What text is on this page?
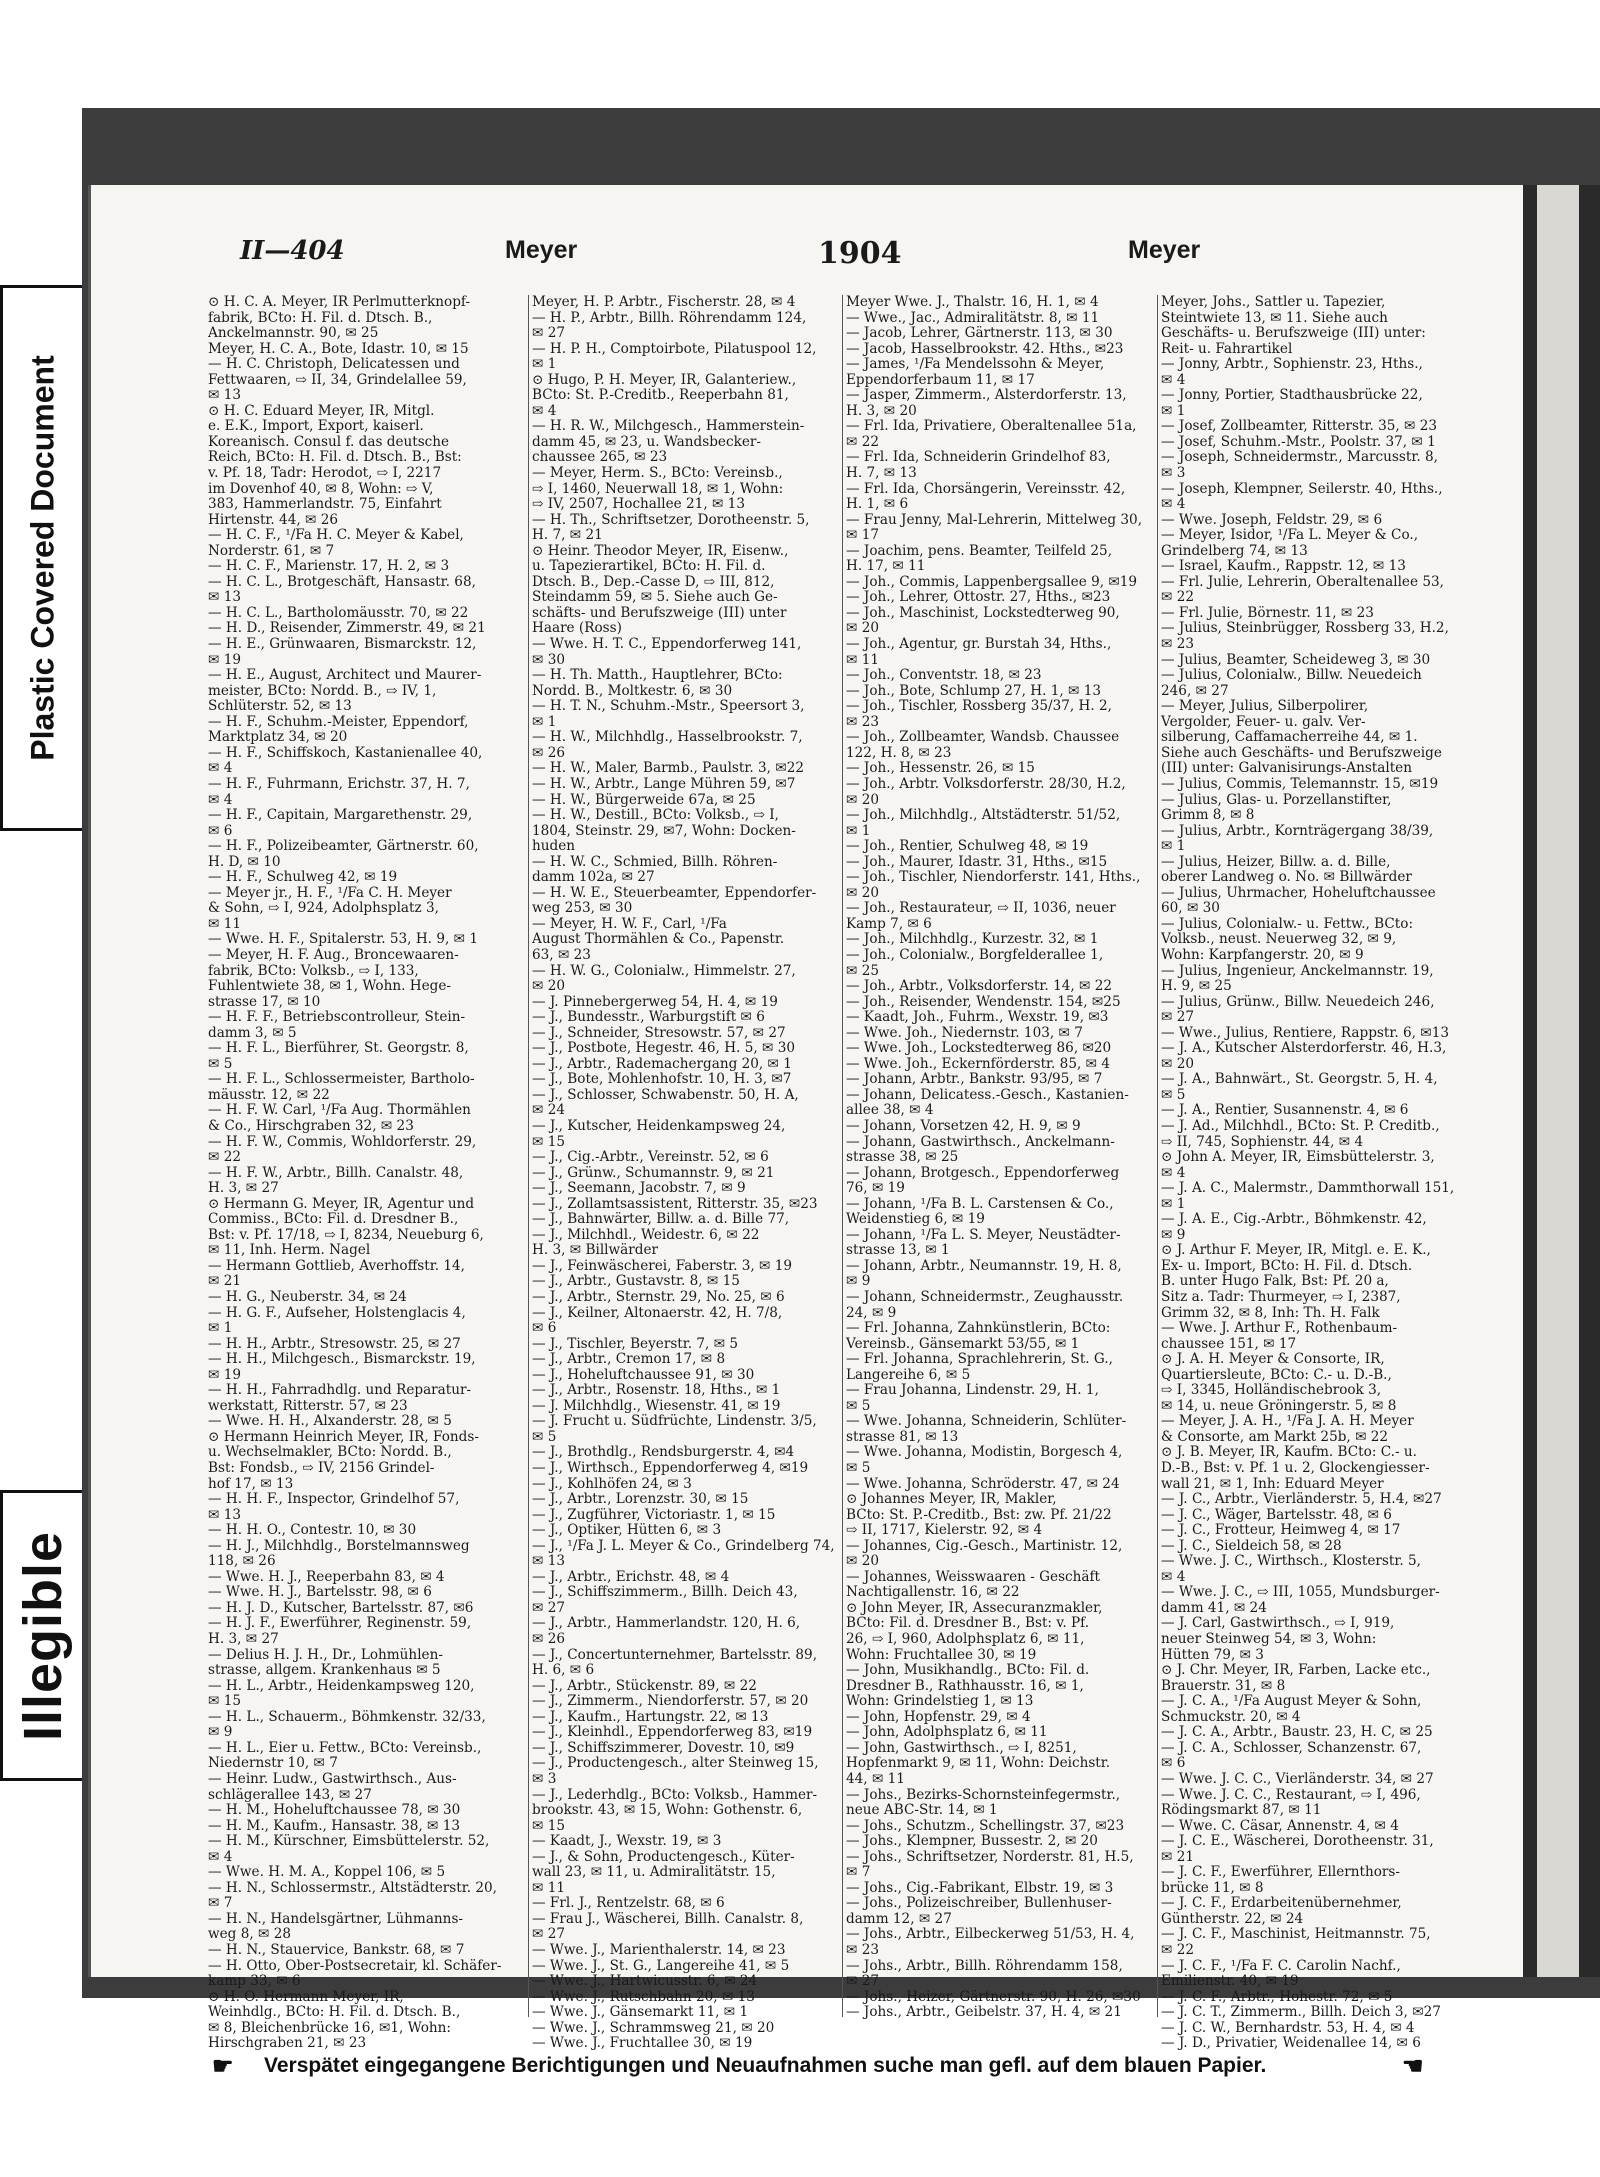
Plastic Covered Document
Illegible
II—404	Meyer	1904	Meyer
⊙ H. C. A. Meyer, IR Perlmutterknopf-
fabrik, BCto: H. Fil. d. Dtsch. B.,
Anckelmannstr. 90, ✉ 25
Meyer, H. C. A., Bote, Idastr. 10, ✉ 15
— H. C. Christoph, Delicatessen und
Fettwaaren, ⇨ II, 34, Grindelallee 59,
✉ 13
⊙ H. C. Eduard Meyer, IR, Mitgl.
e. E.K., Import, Export, kaiserl.
Koreanisch. Consul f. das deutsche
Reich, BCto: H. Fil. d. Dtsch. B., Bst:
v. Pf. 18, Tadr: Herodot, ⇨ I, 2217
im Dovenhof 40, ✉ 8, Wohn: ⇨ V,
383, Hammerlandstr. 75, Einfahrt
Hirtenstr. 44, ✉ 26
— H. C. F., ¹/Fa H. C. Meyer & Kabel,
Norderstr. 61, ✉ 7
— H. C. F., Marienstr. 17, H. 2, ✉ 3
— H. C. L., Brotgeschäft, Hansastr. 68,
✉ 13
— H. C. L., Bartholomäusstr. 70, ✉ 22
— H. D., Reisender, Zimmerstr. 49, ✉ 21
— H. E., Grünwaaren, Bismarckstr. 12,
✉ 19
— H. E., August, Architect und Maurer-
meister, BCto: Nordd. B., ⇨ IV, 1,
Schlüterstr. 52, ✉ 13
— H. F., Schuhm.-Meister, Eppendorf,
Marktplatz 34, ✉ 20
— H. F., Schiffskoch, Kastanienallee 40,
✉ 4
— H. F., Fuhrmann, Erichstr. 37, H. 7,
✉ 4
— H. F., Capitain, Margarethenstr. 29,
✉ 6
— H. F., Polizeibeamter, Gärtnerstr. 60,
H. D, ✉ 10
— H. F., Schulweg 42, ✉ 19
— Meyer jr., H. F., ¹/Fa C. H. Meyer
& Sohn, ⇨ I, 924, Adolphsplatz 3,
✉ 11
— Wwe. H. F., Spitalerstr. 53, H. 9, ✉ 1
— Meyer, H. F. Aug., Broncewaaren-
fabrik, BCto: Volksb., ⇨ I, 133,
Fuhlentwiete 38, ✉ 1, Wohn. Hege-
strasse 17, ✉ 10
— H. F. F., Betriebscontrolleur, Stein-
damm 3, ✉ 5
— H. F. L., Bierführer, St. Georgstr. 8,
✉ 5
— H. F. L., Schlossermeister, Bartholo-
mäusstr. 12, ✉ 22
— H. F. W. Carl, ¹/Fa Aug. Thormählen
& Co., Hirschgraben 32, ✉ 23
— H. F. W., Commis, Wohldorferstr. 29,
✉ 22
— H. F. W., Arbtr., Billh. Canalstr. 48,
H. 3, ✉ 27
⊙ Hermann G. Meyer, IR, Agentur und
Commiss., BCto: Fil. d. Dresdner B.,
Bst: v. Pf. 17/18, ⇨ I, 8234, Neueburg 6,
✉ 11, Inh. Herm. Nagel
— Hermann Gottlieb, Averhoffstr. 14,
✉ 21
— H. G., Neuberstr. 34, ✉ 24
— H. G. F., Aufseher, Holstenglacis 4,
✉ 1
— H. H., Arbtr., Stresowstr. 25, ✉ 27
— H. H., Milchgesch., Bismarckstr. 19,
✉ 19
— H. H., Fahrradhdlg. und Reparatur-
werkstatt, Ritterstr. 57, ✉ 23
— Wwe. H. H., Alxanderstr. 28, ✉ 5
⊙ Hermann Heinrich Meyer, IR, Fonds-
u. Wechselmakler, BCto: Nordd. B.,
Bst: Fondsb., ⇨ IV, 2156 Grindel-
hof 17, ✉ 13
— H. H. F., Inspector, Grindelhof 57,
✉ 13
— H. H. O., Contestr. 10, ✉ 30
— H. J., Milchhdlg., Borstelmannsweg
118, ✉ 26
— Wwe. H. J., Reeperbahn 83, ✉ 4
— Wwe. H. J., Bartelsstr. 98, ✉ 6
— H. J. D., Kutscher, Bartelsstr. 87, ✉6
— H. J. F., Ewerführer, Reginenstr. 59,
H. 3, ✉ 27
— Delius H. J. H., Dr., Lohmühlen-
strasse, allgem. Krankenhaus ✉ 5
— H. L., Arbtr., Heidenkampsweg 120,
✉ 15
— H. L., Schauerm., Böhmkenstr. 32/33,
✉ 9
— H. L., Eier u. Fettw., BCto: Vereinsb.,
Niedernstr 10, ✉ 7
— Heinr. Ludw., Gastwirthsch., Aus-
schlägerallee 143, ✉ 27
— H. M., Hoheluftchaussee 78, ✉ 30
— H. M., Kaufm., Hansastr. 38, ✉ 13
— H. M., Kürschner, Eimsbüttelerstr. 52,
✉ 4
— Wwe. H. M. A., Koppel 106, ✉ 5
— H. N., Schlossermstr., Altstädterstr. 20,
✉ 7
— H. N., Handelsgärtner, Lühmanns-
weg 8, ✉ 28
— H. N., Stauervice, Bankstr. 68, ✉ 7
— H. Otto, Ober-Postsecretair, kl. Schäfer-
kamp 33, ✉ 6
⊙ H. O. Hermann Meyer, IR,
Weinhdlg., BCto: H. Fil. d. Dtsch. B.,
✉ 8, Bleichenbrücke 16, ✉1, Wohn:
Hirschgraben 21, ✉ 23
Meyer, H. P. Arbtr., Fischerstr. 28, ✉ 4
— H. P., Arbtr., Billh. Röhrendamm 124,
✉ 27
— H. P. H., Comptoirbote, Pilatuspool 12,
✉ 1
⊙ Hugo, P. H. Meyer, IR, Galanteriew.,
BCto: St. P.-Creditb., Reeperbahn 81,
✉ 4
— H. R. W., Milchgesch., Hammerstein-
damm 45, ✉ 23, u. Wandsbecker-
chaussee 265, ✉ 23
— Meyer, Herm. S., BCto: Vereinsb.,
⇨ I, 1460, Neuerwall 18, ✉ 1, Wohn:
⇨ IV, 2507, Hochallee 21, ✉ 13
— H. Th., Schriftsetzer, Dorotheenstr. 5,
H. 7, ✉ 21
⊙ Heinr. Theodor Meyer, IR, Eisenw.,
u. Tapezierartikel, BCto: H. Fil. d.
Dtsch. B., Dep.-Casse D, ⇨ III, 812,
Steindamm 59, ✉ 5. Siehe auch Ge-
schäfts- und Berufszweige (III) unter
Haare (Ross)
— Wwe. H. T. C., Eppendorferweg 141,
✉ 30
— H. Th. Matth., Hauptlehrer, BCto:
Nordd. B., Moltkestr. 6, ✉ 30
— H. T. N., Schuhm.-Mstr., Speersort 3,
✉ 1
— H. W., Milchhdlg., Hasselbrookstr. 7,
✉ 26
— H. W., Maler, Barmb., Paulstr. 3, ✉22
— H. W., Arbtr., Lange Mühren 59, ✉7
— H. W., Bürgerweide 67a, ✉ 25
— H. W., Destill., BCto: Volksb., ⇨ I,
1804, Steinstr. 29, ✉7, Wohn: Docken-
huden
— H. W. C., Schmied, Billh. Röhren-
damm 102a, ✉ 27
— H. W. E., Steuerbeamter, Eppendorfer-
weg 253, ✉ 30
— Meyer, H. W. F., Carl, ¹/Fa
August Thormählen & Co., Papenstr.
63, ✉ 23
— H. W. G., Colonialw., Himmelstr. 27,
✉ 20
— J. Pinnebergerweg 54, H. 4, ✉ 19
— J., Bundesstr., Warburgstift ✉ 6
— J., Schneider, Stresowstr. 57, ✉ 27
— J., Postbote, Hegestr. 46, H. 5, ✉ 30
— J., Arbtr., Rademachergang 20, ✉ 1
— J., Bote, Mohlenhofstr. 10, H. 3, ✉7
— J., Schlosser, Schwabenstr. 50, H. A,
✉ 24
— J., Kutscher, Heidenkampsweg 24,
✉ 15
— J., Cig.-Arbtr., Vereinstr. 52, ✉ 6
— J., Grünw., Schumannstr. 9, ✉ 21
— J., Seemann, Jacobstr. 7, ✉ 9
— J., Zollamtsassistent, Ritterstr. 35, ✉23
— J., Bahnwärter, Billw. a. d. Bille 77,
— J., Milchhdl., Weidestr. 6, ✉ 22
H. 3, ✉ Billwärder
— J., Feinwäscherei, Faberstr. 3, ✉ 19
— J., Arbtr., Gustavstr. 8, ✉ 15
— J., Arbtr., Sternstr. 29, No. 25, ✉ 6
— J., Keilner, Altonaerstr. 42, H. 7/8,
✉ 6
— J., Tischler, Beyerstr. 7, ✉ 5
— J., Arbtr., Cremon 17, ✉ 8
— J., Hoheluftchaussee 91, ✉ 30
— J., Arbtr., Rosenstr. 18, Hths., ✉ 1
— J. Milchhdlg., Wiesenstr. 41, ✉ 19
— J. Frucht u. Südfrüchte, Lindenstr. 3/5,
✉ 5
— J., Brothdlg., Rendsburgerstr. 4, ✉4
— J., Wirthsch., Eppendorferweg 4, ✉19
— J., Kohlhöfen 24, ✉ 3
— J., Arbtr., Lorenzstr. 30, ✉ 15
— J., Zugführer, Victoriastr. 1, ✉ 15
— J., Optiker, Hütten 6, ✉ 3
— J., ¹/Fa J. L. Meyer & Co., Grindelberg 74,
✉ 13
— J., Arbtr., Erichstr. 48, ✉ 4
— J., Schiffszimmerm., Billh. Deich 43,
✉ 27
— J., Arbtr., Hammerlandstr. 120, H. 6,
✉ 26
— J., Concertunternehmer, Bartelsstr. 89,
H. 6, ✉ 6
— J., Arbtr., Stückenstr. 89, ✉ 22
— J., Zimmerm., Niendorferstr. 57, ✉ 20
— J., Kaufm., Hartungstr. 22, ✉ 13
— J., Kleinhdl., Eppendorferweg 83, ✉19
— J., Schiffszimmerer, Dovestr. 10, ✉9
— J., Productengesch., alter Steinweg 15,
✉ 3
— J., Lederhdlg., BCto: Volksb., Hammer-
brookstr. 43, ✉ 15, Wohn: Gothenstr. 6,
✉ 15
— Kaadt, J., Wexstr. 19, ✉ 3
— J., & Sohn, Productengesch., Küter-
wall 23, ✉ 11, u. Admiralitätstr. 15,
✉ 11
— Frl. J., Rentzelstr. 68, ✉ 6
— Frau J., Wäscherei, Billh. Canalstr. 8,
✉ 27
— Wwe. J., Marienthalerstr. 14, ✉ 23
— Wwe. J., St. G., Langereihe 41, ✉ 5
— Wwe. J., Hartwicusstr. 6, ✉ 24
— Wwe. J., Rutschbahn 20, ✉ 13
— Wwe. J., Gänsemarkt 11, ✉ 1
— Wwe. J., Schrammsweg 21, ✉ 20
— Wwe. J., Fruchtallee 30, ✉ 19
Meyer Wwe. J., Thalstr. 16, H. 1, ✉ 4
— Wwe., Jac., Admiralitätstr. 8, ✉ 11
— Jacob, Lehrer, Gärtnerstr. 113, ✉ 30
— Jacob, Hasselbrookstr. 42. Hths., ✉23
— James, ¹/Fa Mendelssohn & Meyer,
Eppendorferbaum 11, ✉ 17
— Jasper, Zimmerm., Alsterdorferstr. 13,
H. 3, ✉ 20
— Frl. Ida, Privatiere, Oberaltenallee 51a,
✉ 22
— Frl. Ida, Schneiderin Grindelhof 83,
H. 7, ✉ 13
— Frl. Ida, Chorsängerin, Vereinsstr. 42,
H. 1, ✉ 6
— Frau Jenny, Mal-Lehrerin, Mittelweg 30,
✉ 17
— Joachim, pens. Beamter, Teilfeld 25,
H. 17, ✉ 11
— Joh., Commis, Lappenbergsallee 9, ✉19
— Joh., Lehrer, Ottostr. 27, Hths., ✉23
— Joh., Maschinist, Lockstedterweg 90,
✉ 20
— Joh., Agentur, gr. Burstah 34, Hths.,
✉ 11
— Joh., Conventstr. 18, ✉ 23
— Joh., Bote, Schlump 27, H. 1, ✉ 13
— Joh., Tischler, Rossberg 35/37, H. 2,
✉ 23
— Joh., Zollbeamter, Wandsb. Chaussee
122, H. 8, ✉ 23
— Joh., Hessenstr. 26, ✉ 15
— Joh., Arbtr. Volksdorferstr. 28/30, H.2,
✉ 20
— Joh., Milchhdlg., Altstädterstr. 51/52,
✉ 1
— Joh., Rentier, Schulweg 48, ✉ 19
— Joh., Maurer, Idastr. 31, Hths., ✉15
— Joh., Tischler, Niendorferstr. 141, Hths.,
✉ 20
— Joh., Restaurateur, ⇨ II, 1036, neuer
Kamp 7, ✉ 6
— Joh., Milchhdlg., Kurzestr. 32, ✉ 1
— Joh., Colonialw., Borgfelderallee 1,
✉ 25
— Joh., Arbtr., Volksdorferstr. 14, ✉ 22
— Joh., Reisender, Wendenstr. 154, ✉25
— Kaadt, Joh., Fuhrm., Wexstr. 19, ✉3
— Wwe. Joh., Niedernstr. 103, ✉ 7
— Wwe. Joh., Lockstedterweg 86, ✉20
— Wwe. Joh., Eckernförderstr. 85, ✉ 4
— Johann, Arbtr., Bankstr. 93/95, ✉ 7
— Johann, Delicatess.-Gesch., Kastanien-
allee 38, ✉ 4
— Johann, Vorsetzen 42, H. 9, ✉ 9
— Johann, Gastwirthsch., Anckelmann-
strasse 38, ✉ 25
— Johann, Brotgesch., Eppendorferweg
76, ✉ 19
— Johann, ¹/Fa B. L. Carstensen & Co.,
Weidenstieg 6, ✉ 19
— Johann, ¹/Fa L. S. Meyer, Neustädter-
strasse 13, ✉ 1
— Johann, Arbtr., Neumannstr. 19, H. 8,
✉ 9
— Johann, Schneidermstr., Zeughausstr.
24, ✉ 9
— Frl. Johanna, Zahnkünstlerin, BCto:
Vereinsb., Gänsemarkt 53/55, ✉ 1
— Frl. Johanna, Sprachlehrerin, St. G.,
Langereihe 6, ✉ 5
— Frau Johanna, Lindenstr. 29, H. 1,
✉ 5
— Wwe. Johanna, Schneiderin, Schlüter-
strasse 81, ✉ 13
— Wwe. Johanna, Modistin, Borgesch 4,
✉ 5
— Wwe. Johanna, Schröderstr. 47, ✉ 24
⊙ Johannes Meyer, IR, Makler,
BCto: St. P.-Creditb., Bst: zw. Pf. 21/22
⇨ II, 1717, Kielerstr. 92, ✉ 4
— Johannes, Cig.-Gesch., Martinistr. 12,
✉ 20
— Johannes, Weisswaaren - Geschäft
Nachtigallenstr. 16, ✉ 22
⊙ John Meyer, IR, Assecuranzmakler,
BCto: Fil. d. Dresdner B., Bst: v. Pf.
26, ⇨ I, 960, Adolphsplatz 6, ✉ 11,
Wohn: Fruchtallee 30, ✉ 19
— John, Musikhandlg., BCto: Fil. d.
Dresdner B., Rathhausstr. 16, ✉ 1,
Wohn: Grindelstieg 1, ✉ 13
— John, Hopfenstr. 29, ✉ 4
— John, Adolphsplatz 6, ✉ 11
— John, Gastwirthsch., ⇨ I, 8251,
Hopfenmarkt 9, ✉ 11, Wohn: Deichstr.
44, ✉ 11
— Johs., Bezirks-Schornsteinfegermstr.,
neue ABC-Str. 14, ✉ 1
— Johs., Schutzm., Schellingstr. 37, ✉23
— Johs., Klempner, Bussestr. 2, ✉ 20
— Johs., Schriftsetzer, Norderstr. 81, H.5,
✉ 7
— Johs., Cig.-Fabrikant, Elbstr. 19, ✉ 3
— Johs., Polizeischreiber, Bullenhuser-
damm 12, ✉ 27
— Johs., Arbtr., Eilbeckerweg 51/53, H. 4,
✉ 23
— Johs., Arbtr., Billh. Röhrendamm 158,
✉ 27
— Johs., Heizer, Gärtnerstr. 90, H. 26, ✉30
— Johs., Arbtr., Geibelstr. 37, H. 4, ✉ 21
Meyer, Johs., Sattler u. Tapezier,
Steintwiete 13, ✉ 11. Siehe auch
Geschäfts- u. Berufszweige (III) unter:
Reit- u. Fahrartikel
— Jonny, Arbtr., Sophienstr. 23, Hths.,
✉ 4
— Jonny, Portier, Stadthausbrücke 22,
✉ 1
— Josef, Zollbeamter, Ritterstr. 35, ✉ 23
— Josef, Schuhm.-Mstr., Poolstr. 37, ✉ 1
— Joseph, Schneidermstr., Marcusstr. 8,
✉ 3
— Joseph, Klempner, Seilerstr. 40, Hths.,
✉ 4
— Wwe. Joseph, Feldstr. 29, ✉ 6
— Meyer, Isidor, ¹/Fa L. Meyer & Co.,
Grindelberg 74, ✉ 13
— Israel, Kaufm., Rappstr. 12, ✉ 13
— Frl. Julie, Lehrerin, Oberaltenallee 53,
✉ 22
— Frl. Julie, Börnestr. 11, ✉ 23
— Julius, Steinbrügger, Rossberg 33, H.2,
✉ 23
— Julius, Beamter, Scheideweg 3, ✉ 30
— Julius, Colonialw., Billw. Neuedeich
246, ✉ 27
— Meyer, Julius, Silberpolirer,
Vergolder, Feuer- u. galv. Ver-
silberung, Caffamacherreihe 44, ✉ 1.
Siehe auch Geschäfts- und Berufszweige
(III) unter: Galvanisirungs-Anstalten
— Julius, Commis, Telemannstr. 15, ✉19
— Julius, Glas- u. Porzellanstifter,
Grimm 8, ✉ 8
— Julius, Arbtr., Kornträgergang 38/39,
✉ 1
— Julius, Heizer, Billw. a. d. Bille,
oberer Landweg o. No. ✉ Billwärder
— Julius, Uhrmacher, Hoheluftchaussee
60, ✉ 30
— Julius, Colonialw.- u. Fettw., BCto:
Volksb., neust. Neuerweg 32, ✉ 9,
Wohn: Karpfangerstr. 20, ✉ 9
— Julius, Ingenieur, Anckelmannstr. 19,
H. 9, ✉ 25
— Julius, Grünw., Billw. Neuedeich 246,
✉ 27
— Wwe., Julius, Rentiere, Rappstr. 6, ✉13
— J. A., Kutscher Alsterdorferstr. 46, H.3,
✉ 20
— J. A., Bahnwärt., St. Georgstr. 5, H. 4,
✉ 5
— J. A., Rentier, Susannenstr. 4, ✉ 6
— J. Ad., Milchhdl., BCto: St. P. Creditb.,
⇨ II, 745, Sophienstr. 44, ✉ 4
⊙ John A. Meyer, IR, Eimsbüttelerstr. 3,
✉ 4
— J. A. C., Malermstr., Dammthorwall 151,
✉ 1
— J. A. E., Cig.-Arbtr., Böhmkenstr. 42,
✉ 9
⊙ J. Arthur F. Meyer, IR, Mitgl. e. E. K.,
Ex- u. Import, BCto: H. Fil. d. Dtsch.
B. unter Hugo Falk, Bst: Pf. 20 a,
Sitz a. Tadr: Thurmeyer, ⇨ I, 2387,
Grimm 32, ✉ 8, Inh: Th. H. Falk
— Wwe. J. Arthur F., Rothenbaum-
chaussee 151, ✉ 17
⊙ J. A. H. Meyer & Consorte, IR,
Quartiersleute, BCto: C.- u. D.-B.,
⇨ I, 3345, Holländischebrook 3,
✉ 14, u. neue Gröningerstr. 5, ✉ 8
— Meyer, J. A. H., ¹/Fa J. A. H. Meyer
& Consorte, am Markt 25b, ✉ 22
⊙ J. B. Meyer, IR, Kaufm. BCto: C.- u.
D.-B., Bst: v. Pf. 1 u. 2, Glockengiesser-
wall 21, ✉ 1, Inh: Eduard Meyer
— J. C., Arbtr., Vierländerstr. 5, H.4, ✉27
— J. C., Wäger, Bartelsstr. 48, ✉ 6
— J. C., Frotteur, Heimweg 4, ✉ 17
— J. C., Sieldeich 58, ✉ 28
— Wwe. J. C., Wirthsch., Klosterstr. 5,
✉ 4
— Wwe. J. C., ⇨ III, 1055, Mundsburger-
damm 41, ✉ 24
— J. Carl, Gastwirthsch., ⇨ I, 919,
neuer Steinweg 54, ✉ 3, Wohn:
Hütten 79, ✉ 3
⊙ J. Chr. Meyer, IR, Farben, Lacke etc.,
Brauerstr. 31, ✉ 8
— J. C. A., ¹/Fa August Meyer & Sohn,
Schmuckstr. 20, ✉ 4
— J. C. A., Arbtr., Baustr. 23, H. C, ✉ 25
— J. C. A., Schlosser, Schanzenstr. 67,
✉ 6
— Wwe. J. C. C., Vierländerstr. 34, ✉ 27
— Wwe. J. C. C., Restaurant, ⇨ I, 496,
Rödingsmarkt 87, ✉ 11
— Wwe. C. Cäsar, Annenstr. 4, ✉ 4
— J. C. E., Wäscherei, Dorotheenstr. 31,
✉ 21
— J. C. F., Ewerführer, Ellernthors-
brücke 11, ✉ 8
— J. C. F., Erdarbeitenübernehmer,
Güntherstr. 22, ✉ 24
— J. C. F., Maschinist, Heitmannstr. 75,
✉ 22
— J. C. F., ¹/Fa F. C. Carolin Nachf.,
Emilienstr. 40, ✉ 19
— J. C. F., Arbtr., Hohestr. 72, ✉ 5
— J. C. T., Zimmerm., Billh. Deich 3, ✉27
— J. C. W., Bernhardstr. 53, H. 4, ✉ 4
— J. D., Privatier, Weidenallee 14, ✉ 6
☛ Verspätet eingegangene Berichtigungen und Neuaufnahmen suche man gefl. auf dem blauen Papier.	☚
